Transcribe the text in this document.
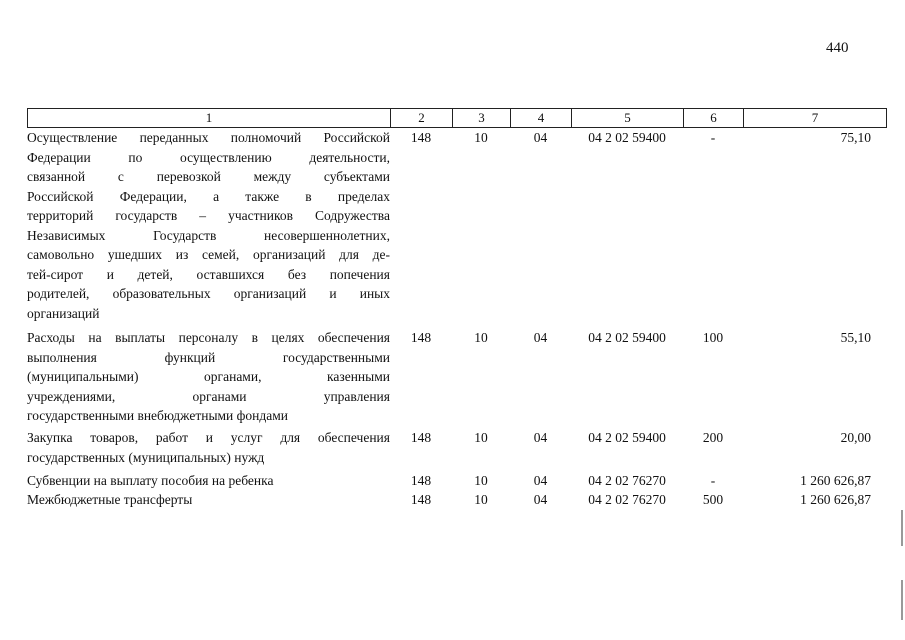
440
1	2	3	4	5	6	7
Осуществление переданных полномочий Российской
Федерации по осуществлению деятельности,
связанной с перевозкой между субъектами
Российской Федерации, а также в пределах
территорий государств – участников Содружества
Независимых Государств несовершеннолетних,
самовольно ушедших из семей, организаций для де-
тей-сирот и детей, оставшихся без попечения
родителей, образовательных организаций и иных
организаций
148	10	04	04 2 02 59400	-	75,10
Расходы на выплаты персоналу в целях обеспечения
выполнения функций государственными
(муниципальными) органами, казенными
учреждениями, органами управления
государственными внебюджетными фондами
148	10	04	04 2 02 59400	100	55,10
Закупка товаров, работ и услуг для обеспечения
государственных (муниципальных) нужд
148	10	04	04 2 02 59400	200	20,00
Субвенции на выплату пособия на ребенка	148	10	04	04 2 02 76270	-	1 260 626,87
Межбюджетные трансферты	148	10	04	04 2 02 76270	500	1 260 626,87
